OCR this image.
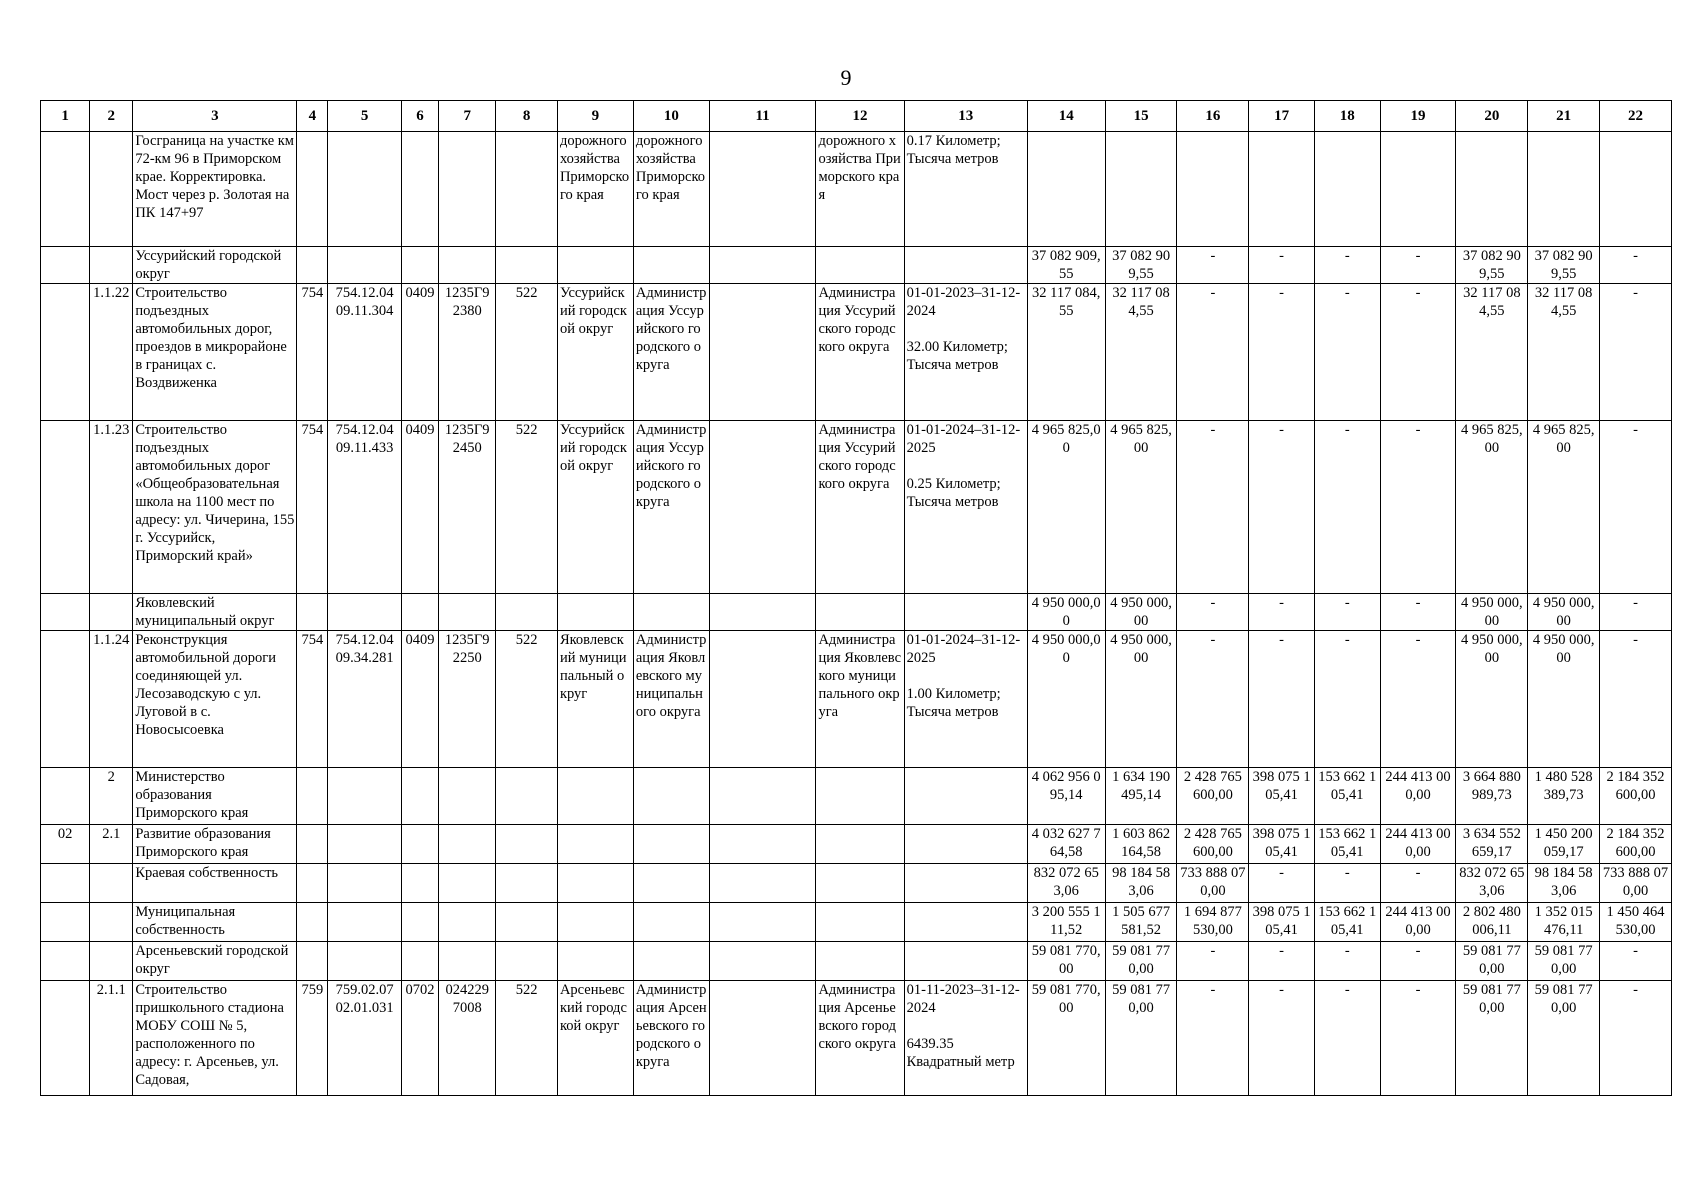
9
1	2	3	4	5	6	7	8	9	10	11	12	13	14	15	16	17	18	19	20	21	22
		Госграница на участке км 72-км 96 в Приморском крае. Корректировка. Мост через р. Золотая на ПК 147+97						дорожного хозяйства Приморского края	дорожного хозяйства Приморского края		дорожного хозяйства Приморского края	0.17 Километр; Тысяча метров									
		Уссурийский городской округ											37 082 909,55	37 082 909,55	-	-	-	-	37 082 909,55	37 082 909,55	-
	1.1.22	Строительство подъездных автомобильных дорог, проездов в микрорайоне в границах с. Воздвиженка	754	754.12.04 09.11.304	0409	1235Г9 2380	522	Уссурийский городской округ	Администрация Уссурийского городского округа		Администрация Уссурийского городского округа	01-01-2023–31-12-2024

32.00 Километр; Тысяча метров	32 117 084,55	32 117 084,55	-	-	-	-	32 117 084,55	32 117 084,55	-
	1.1.23	Строительство подъездных автомобильных дорог «Общеобразовательная школа на 1100 мест по адресу: ул. Чичерина, 155 г. Уссурийск, Приморский край»	754	754.12.04 09.11.433	0409	1235Г9 2450	522	Уссурийский городской округ	Администрация Уссурийского городского округа		Администрация Уссурийского городского округа	01-01-2024–31-12-2025

0.25 Километр; Тысяча метров	4 965 825,00	4 965 825,00	-	-	-	-	4 965 825,00	4 965 825,00	-
		Яковлевский муниципальный округ											4 950 000,00	4 950 000,00	-	-	-	-	4 950 000,00	4 950 000,00	-
	1.1.24	Реконструкция автомобильной дороги соединяющей ул. Лесозаводскую с ул. Луговой в с. Новосысоевка	754	754.12.04 09.34.281	0409	1235Г9 2250	522	Яковлевский муниципальный округ	Администрация Яковлевского муниципального округа		Администрация Яковлевского муниципального округа	01-01-2024–31-12-2025

1.00 Километр; Тысяча метров	4 950 000,00	4 950 000,00	-	-	-	-	4 950 000,00	4 950 000,00	-
	2	Министерство образования Приморского края											4 062 956 095,14	1 634 190 495,14	2 428 765 600,00	398 075 105,41	153 662 105,41	244 413 000,00	3 664 880 989,73	1 480 528 389,73	2 184 352 600,00
02	2.1	Развитие образования Приморского края											4 032 627 764,58	1 603 862 164,58	2 428 765 600,00	398 075 105,41	153 662 105,41	244 413 000,00	3 634 552 659,17	1 450 200 059,17	2 184 352 600,00
		Краевая собственность											832 072 653,06	98 184 583,06	733 888 070,00	-	-	-	832 072 653,06	98 184 583,06	733 888 070,00
		Муниципальная собственность											3 200 555 111,52	1 505 677 581,52	1 694 877 530,00	398 075 105,41	153 662 105,41	244 413 000,00	2 802 480 006,11	1 352 015 476,11	1 450 464 530,00
		Арсеньевский городской округ											59 081 770,00	59 081 770,00	-	-	-	-	59 081 770,00	59 081 770,00	-
	2.1.1	Строительство пришкольного стадиона МОБУ СОШ № 5, расположенного по адресу: г. Арсеньев, ул. Садовая,	759	759.02.07 02.01.031	0702	024229 7008	522	Арсеньевский городской округ	Администрация Арсеньевского городского округа		Администрация Арсеньевского городского округа	01-11-2023–31-12-2024

6439.35 Квадратный метр	59 081 770,00	59 081 770,00	-	-	-	-	59 081 770,00	59 081 770,00	-
